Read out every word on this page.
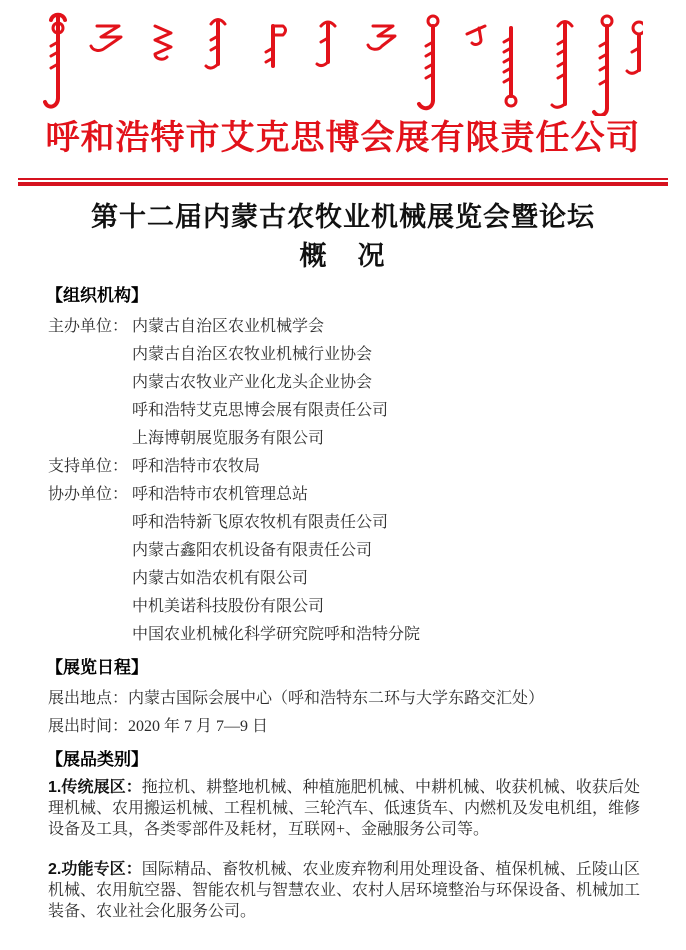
呼和浩特市艾克思博会展有限责任公司
第十二届内蒙古农牧业机械展览会暨论坛
概　况
【组织机构】
主办单位： 内蒙古自治区农业机械学会
内蒙古自治区农牧业机械行业协会
内蒙古农牧业产业化龙头企业协会
呼和浩特艾克思博会展有限责任公司
上海博朝展览服务有限公司
支持单位： 呼和浩特市农牧局
协办单位： 呼和浩特市农机管理总站
呼和浩特新飞原农牧机有限责任公司
内蒙古鑫阳农机设备有限责任公司
内蒙古如浩农机有限公司
中机美诺科技股份有限公司
中国农业机械化科学研究院呼和浩特分院
【展览日程】
展出地点：内蒙古国际会展中心（呼和浩特东二环与大学东路交汇处）
展出时间：2020 年 7 月 7—9 日
【展品类别】

1.传统展区：拖拉机、耕整地机械、种植施肥机械、中耕机械、收获机械、收获后处理机械、农用搬运机械、工程机械、三轮汽车、低速货车、内燃机及发电机组，维修设备及工具，各类零部件及耗材，互联网+、金融服务公司等。

2.功能专区：国际精品、畜牧机械、农业废弃物利用处理设备、植保机械、丘陵山区机械、农用航空器、智能农机与智慧农业、农村人居环境整治与环保设备、机械加工装备、农业社会化服务公司。
